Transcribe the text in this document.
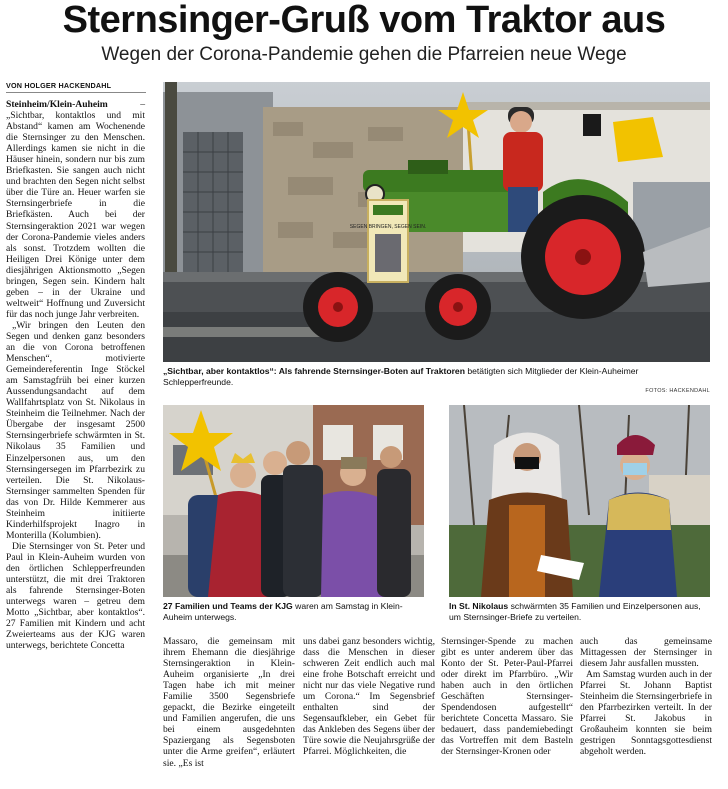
Sternsinger-Gruß vom Traktor aus
Wegen der Corona-Pandemie gehen die Pfarreien neue Wege
VON HOLGER HACKENDAHL

Steinheim/Klein-Auheim	– „Sichtbar, kontaktlos und mit Abstand“ kamen am Wochenende die Sternsinger zu den Menschen. Allerdings kamen sie nicht in die Häuser hinein, sondern nur bis zum Briefkasten. Sie sangen auch nicht und brachten den Segen nicht selbst über die Türe an. Heuer warfen sie Sternsingerbriefe in die Briefkästen. Auch bei der Sternsingeraktion 2021 war wegen der Corona-Pandemie vieles anders als sonst. Trotzdem wollten die Heiligen Drei Könige unter dem diesjährigen Aktionsmotto „Segen bringen, Segen sein. Kindern halt geben – in der Ukraine und weltweit“ Hoffnung und Zuversicht für das noch junge Jahr verbreiten.

„Wir bringen den Leuten den Segen und denken ganz besonders an die von Corona betroffenen Menschen“, motivierte Gemeindereferentin Inge Stöckel am Samstagfrüh bei einer kurzen Aussendungsandacht auf dem Wallfahrtsplatz von St. Nikolaus in Steinheim die Teilnehmer. Nach der Übergabe der insgesamt 2500 Sternsingerbriefe schwärmten in St. Nikolaus 35 Familien und Einzelpersonen aus, um den Sternsingersegen im Pfarrbezirk zu verteilen. Die St. Nikolaus-Sternsinger sammelten Spenden für das von Dr. Hilde Kemmerer aus Steinheim initiierte Kinderhilfsprojekt Inagro in Monterilla (Kolumbien).

Die Sternsinger von St. Peter und Paul in Klein-Auheim wurden von den örtlichen Schlepperfreunden unterstützt, die mit drei Traktoren als fahrende Sternsinger-Boten unterwegs waren – getreu dem Motto „Sichtbar, aber kontaktlos“. 27 Familien mit Kindern und acht Zweierteams aus der KJG waren unterwegs, berichtete Concetta

SEGEN BRINGEN, SEGEN SEIN.
„Sichtbar, aber kontaktlos“: Als fahrende Sternsinger-Boten auf Traktoren betätigten sich Mitglieder der Klein-Auheimer Schlepperfreunde.
FOTOS: HACKENDAHL
27 Familien und Teams der KJG waren am Samstag in Klein-Auheim unterwegs.
In St. Nikolaus schwärmten 35 Familien und Einzelpersonen aus, um Sternsinger-Briefe zu verteilen.

Massaro, die gemeinsam mit ihrem Ehemann die diesjährige Sternsingeraktion in Klein-Auheim organisierte „In drei Tagen habe ich mit meiner Familie 3500 Segensbriefe gepackt, die Bezirke eingeteilt und Familien angerufen, die uns bei einem ausgedehnten Spaziergang als Segensboten unter die Arme greifen“, erläutert sie. „Es ist

uns dabei ganz besonders wichtig, dass die Menschen in dieser schweren Zeit endlich auch mal eine frohe Botschaft erreicht und nicht nur das viele Negative rund um Corona.“ Im Segensbrief enthalten sind der Segensaufkleber, ein Gebet für das Ankleben des Segens über der Türe sowie die Neujahrsgrüße der Pfarrei. Möglichkeiten, die

Sternsinger-Spende zu machen gibt es unter anderem über das Konto der St. Peter-Paul-Pfarrei oder direkt im Pfarrbüro. „Wir haben auch in den örtlichen Geschäften Sternsinger-Spendendosen aufgestellt“ berichtete Concetta Massaro. Sie bedauert, dass pandemiebedingt das Vortreffen mit dem Basteln der Sternsinger-Kronen oder

auch das gemeinsame Mittagessen der Sternsinger in diesem Jahr ausfallen mussten.

Am Samstag wurden auch in der Pfarrei St. Johann Baptist Steinheim die Sternsingerbriefe in den Pfarrbezirken verteilt. In der Pfarrei St. Jakobus in Großauheim konnten sie beim gestrigen Sonntagsgottesdienst abgeholt werden.
